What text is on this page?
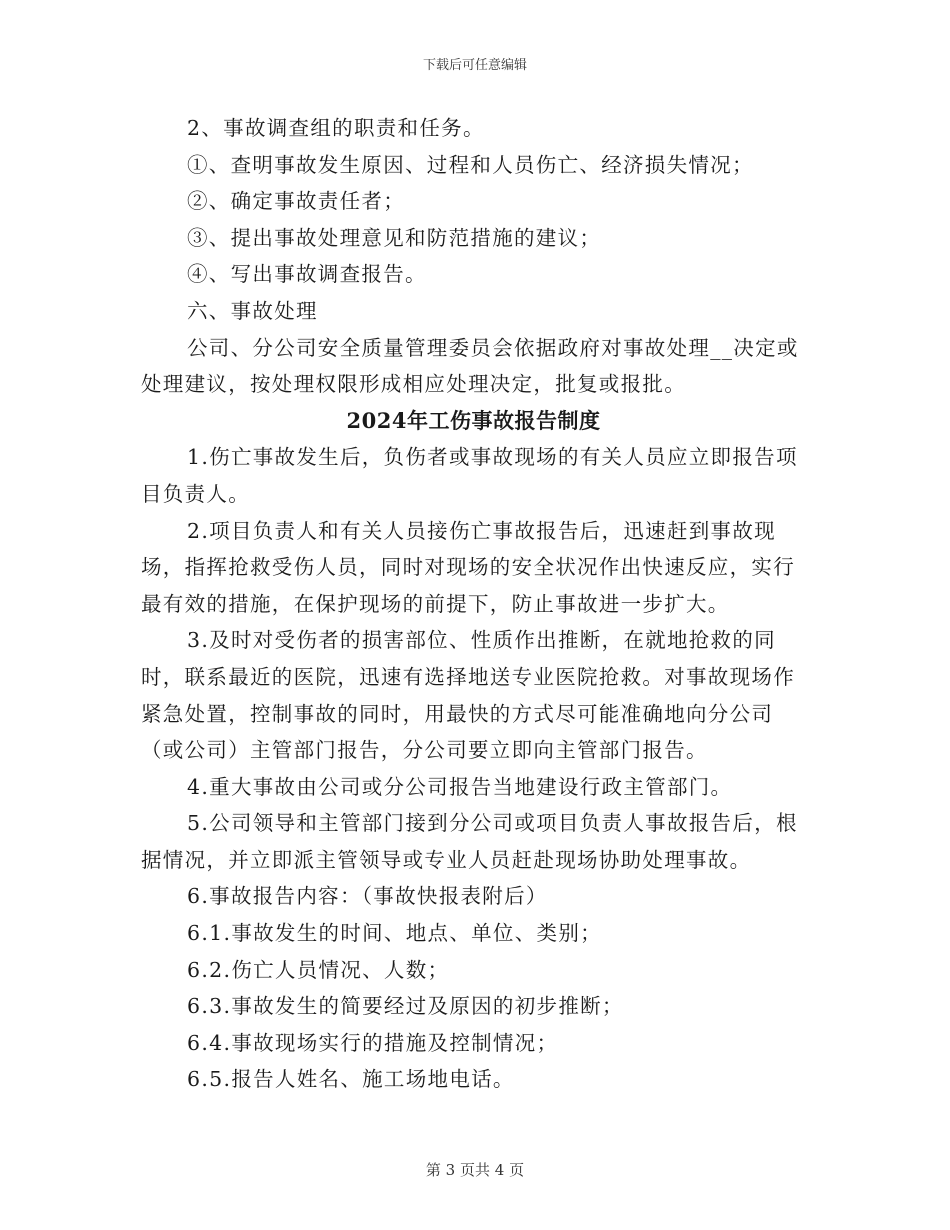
下载后可任意编辑

2、事故调查组的职责和任务。

①、查明事故发生原因、过程和人员伤亡、经济损失情况；

②、确定事故责任者；

③、提出事故处理意见和防范措施的建议；

④、写出事故调查报告。

六、事故处理

公司、分公司安全质量管理委员会依据政府对事故处理__决定或处理建议，按处理权限形成相应处理决定，批复或报批。

2024年工伤事故报告制度

1.伤亡事故发生后，负伤者或事故现场的有关人员应立即报告项目负责人。

2.项目负责人和有关人员接伤亡事故报告后，迅速赶到事故现场，指挥抢救受伤人员，同时对现场的安全状况作出快速反应，实行最有效的措施，在保护现场的前提下，防止事故进一步扩大。

3.及时对受伤者的损害部位、性质作出推断，在就地抢救的同时，联系最近的医院，迅速有选择地送专业医院抢救。对事故现场作紧急处置，控制事故的同时，用最快的方式尽可能准确地向分公司（或公司）主管部门报告，分公司要立即向主管部门报告。

4.重大事故由公司或分公司报告当地建设行政主管部门。

5.公司领导和主管部门接到分公司或项目负责人事故报告后，根据情况，并立即派主管领导或专业人员赶赴现场协助处理事故。

6.事故报告内容：（事故快报表附后）

6.1.事故发生的时间、地点、单位、类别；

6.2.伤亡人员情况、人数；

6.3.事故发生的简要经过及原因的初步推断；

6.4.事故现场实行的措施及控制情况；

6.5.报告人姓名、施工场地电话。

第 3 页共 4 页
